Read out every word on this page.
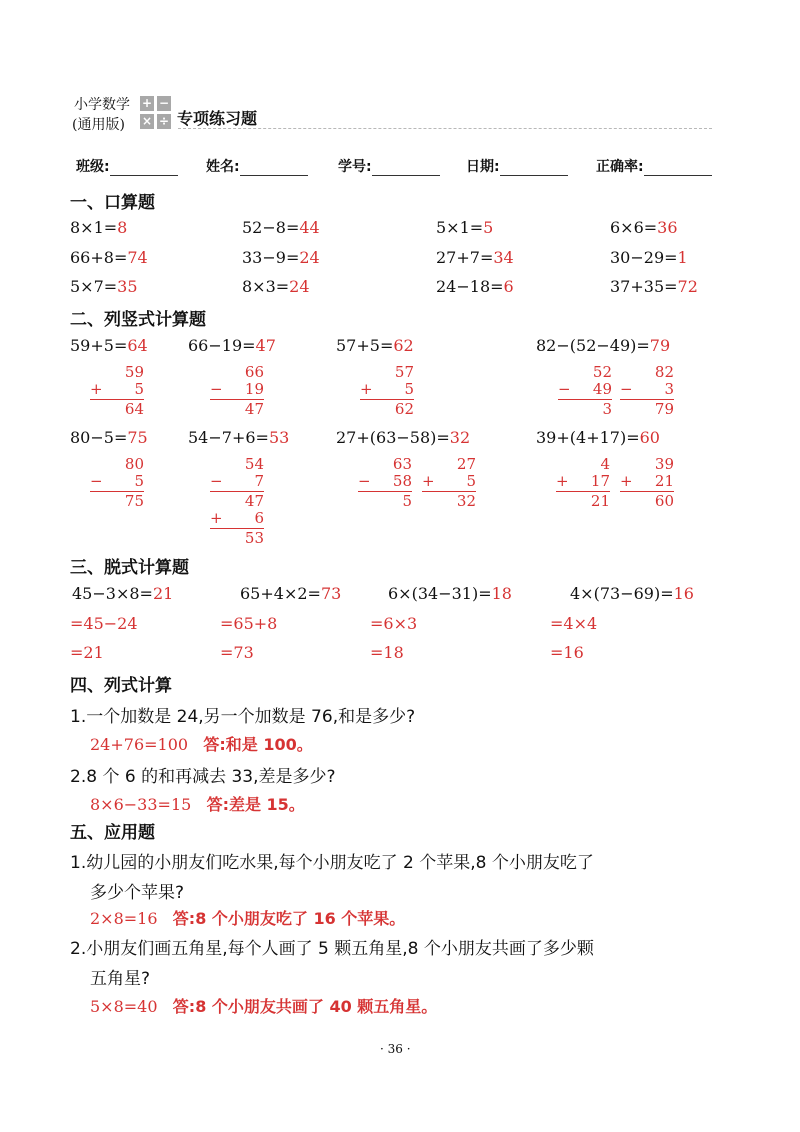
小学数学
(通用版)
+ −
× ÷ 专项练习题
班级:	姓名:	学号:	日期:	正确率:
一、口算题
8×1=8	52−8=44	5×1=5	6×6=36
66+8=74	33−9=24	27+7=34	30−29=1
5×7=35	8×3=24	24−18=6	37+35=72
二、列竖式计算题
59+5=64	66−19=47	57+5=62	82−(52−49)=79
59
+	5
64
66
−	19
47
57
+	5
62
52
−	49
3
82
−	3
79
80−5=75	54−7+6=53	27+(63−58)=32	39+(4+17)=60
80
−	5
75
54
−	7
47
+	6
53
63
−	58
5
27
+	5
32
4
+	17
21
39
+	21
60
三、脱式计算题
45−3×8=21	65+4×2=73	6×(34−31)=18	4×(73−69)=16
=45−24	=65+8	=6×3	=4×4
=21	=73	=18	=16
四、列式计算
1.一个加数是 24,另一个加数是 76,和是多少?
24+76=100 答:和是 100。
2.8 个 6 的和再减去 33,差是多少?
8×6−33=15 答:差是 15。
五、应用题
1.幼儿园的小朋友们吃水果,每个小朋友吃了 2 个苹果,8 个小朋友吃了
多少个苹果?
2×8=16 答:8 个小朋友吃了 16 个苹果。
2.小朋友们画五角星,每个人画了 5 颗五角星,8 个小朋友共画了多少颗
五角星?
5×8=40 答:8 个小朋友共画了 40 颗五角星。
· 36 ·
